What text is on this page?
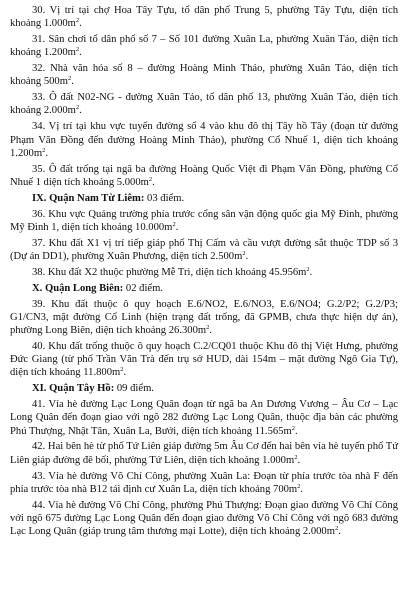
30. Vị trí tại chợ Hoa Tây Tựu, tổ dân phố Trung 5, phường Tây Tựu, diện tích khoảng $1.000m^2$.

31. Sân chơi tổ dân phố số 7 – Số 101 đường Xuân La, phường Xuân Tảo, diện tích khoảng $1.200m^2$.

32. Nhà văn hóa số 8 – đường Hoàng Minh Thảo, phường Xuân Tảo, diện tích khoảng $500m^2$.

33. Ô đất N02-NG - đường Xuân Tảo, tổ dân phố 13, phường Xuân Tảo, diện tích khoảng $2.000m^2$.

34. Vị trí tại khu vực tuyến đường số 4 vào khu đô thị Tây hồ Tây (đoạn từ đường Phạm Văn Đồng đến đường Hoàng Minh Thảo), phường Cổ Nhuế 1, diện tích khoảng $1.200m^2$.

35. Ô đất trống tại ngã ba đường Hoàng Quốc Việt đi Phạm Văn Đồng, phường Cổ Nhuế 1 diện tích khoảng $5.000m^2$.

IX. Quận Nam Từ Liêm: 03 điểm.

36. Khu vực Quảng trường phía trước cổng sân vận động quốc gia Mỹ Đình, phường Mỹ Đình 1, diện tích khoảng $10.000m^2$.

37. Khu đất X1 vị trí tiếp giáp phố Thị Cấm và cầu vượt đường sắt thuộc TDP số 3 (Dự án DD1), phường Xuân Phương, diện tích $2.500m^2$.

38. Khu đất X2 thuộc phường Mễ Trì, diện tích khoảng $45.956m^2$.

X. Quận Long Biên: 02 điểm.

39. Khu đất thuộc ô quy hoạch E.6/NO2, E.6/NO3, E.6/NO4; G.2/P2; G.2/P3; G1/CN3, mặt đường Cổ Linh (hiện trạng đất trống, đã GPMB, chưa thực hiện dự án), phường Long Biên, diện tích khoảng $26.300m^2$.

40. Khu đất trống thuộc ô quy hoạch C.2/CQ01 thuộc Khu đô thị Việt Hưng, phường Đức Giang (từ phố Trần Văn Trà đến trụ sở HUD, dài 154m – mặt đường Ngô Gia Tự), diện tích khoảng $11.800m^2$.

XI. Quận Tây Hồ: 09 điểm.

41. Vỉa hè đường Lạc Long Quân đoạn từ ngã ba An Dương Vương – Âu Cơ – Lạc Long Quân đến đoạn giao với ngõ 282 đường Lạc Long Quân, thuộc địa bàn các phường Phú Thượng, Nhật Tân, Xuân La, Bưởi, diện tích khoảng $11.565m^2$.

42. Hai bên hè từ phố Tứ Liên giáp đường 5m Âu Cơ đến hai bên vỉa hè tuyến phố Tứ Liên giáp đường đê bối, phường Tứ Liên, diện tích khoảng $1.000m^2$.

43. Vỉa hè đường Võ Chí Công, phường Xuân La: Đoạn từ phía trước tòa nhà F đến phía trước tòa nhà B12 tái định cư Xuân La, diện tích khoảng $700m^2$.

44. Vỉa hè đường Võ Chí Công, phường Phú Thượng: Đoạn giao đường Võ Chí Công với ngõ 675 đường Lạc Long Quân đến đoạn giao đường Võ Chí Công với ngõ 683 đường Lạc Long Quân (giáp trung tâm thương mại Lotte), diện tích khoảng $2.000m^2$.
